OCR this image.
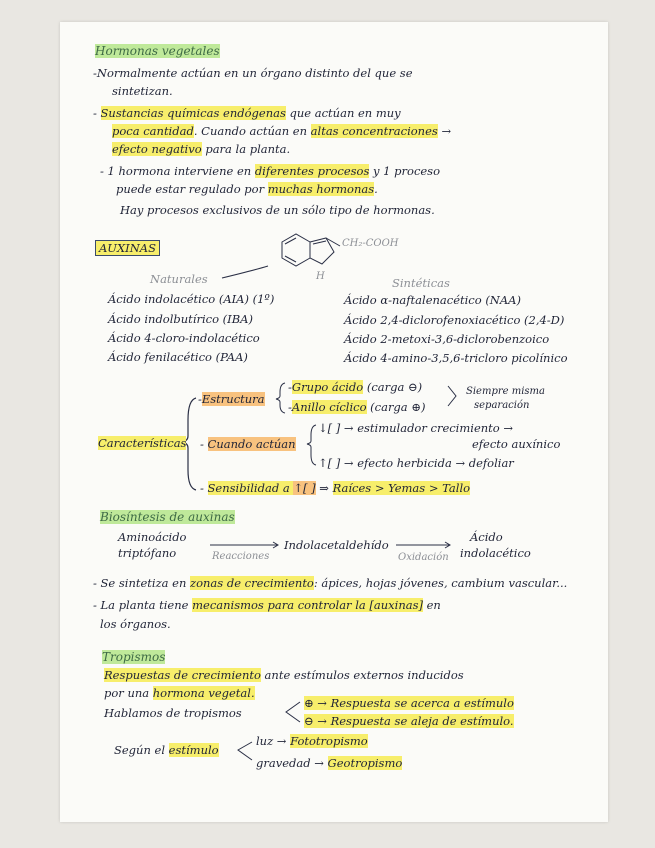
Hormonas vegetales
-Normalmente actúan en un órgano distinto del que se
sintetizan.
- Sustancias químicas endógenas que actúan en muy
poca cantidad. Cuando actúan en altas concentraciones →
efecto negativo para la planta.
- 1 hormona interviene en diferentes procesos y 1 proceso
puede estar regulado por muchas hormonas.
Hay procesos exclusivos de un sólo tipo de hormonas.
AUXINAS	CH₂-COOH
H
Naturales	Sintéticas
Ácido indolacético (AIA) (1º)
Ácido indolbutírico (IBA)
Ácido 4-cloro-indolacético
Ácido fenilacético (PAA)
Ácido α-naftalenacético (NAA)
Ácido 2,4-diclorofenoxiacético (2,4-D)
Ácido 2-metoxi-3,6-diclorobenzoico
Ácido 4-amino-3,5,6-tricloro picolínico
Características
-Estructura
-Grupo ácido (carga ⊖)
-Anillo cíclico (carga ⊕)
Siempre misma
separación
- Cuando actúan
↓[ ] → estimulador crecimiento →
efecto auxínico
↑[ ] → efecto herbicida → defoliar
- Sensibilidad a ↑[ ] ⇒ Raíces > Yemas > Tallo
Biosíntesis de auxinas
Aminoácido
triptófano	Reacciones
Indolacetaldehído
Oxidación
Ácido
indolacético
- Se sintetiza en zonas de crecimiento: ápices, hojas jóvenes, cambium vascular...
- La planta tiene mecanismos para controlar la [auxinas] en
los órganos.
Tropismos
Respuestas de crecimiento ante estímulos externos inducidos
por una hormona vegetal.
Hablamos de tropismos
⊕ → Respuesta se acerca a estímulo
⊖ → Respuesta se aleja de estímulo.
Según el estímulo
luz → Fototropismo
gravedad → Geotropismo
